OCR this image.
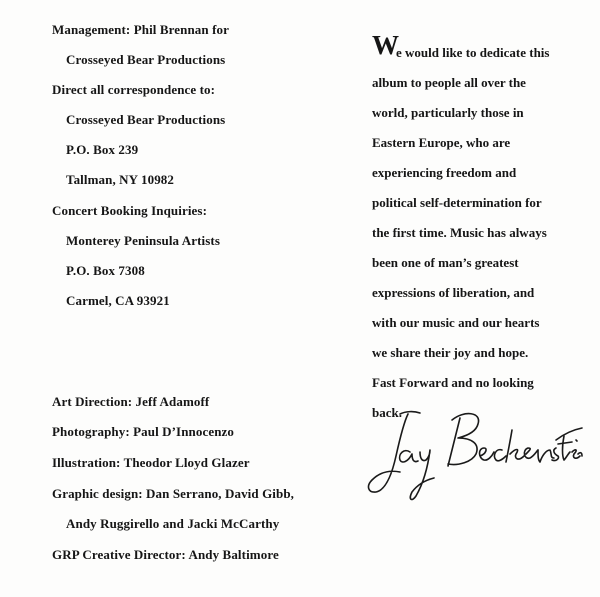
Management: Phil Brennan for
Crosseyed Bear Productions
Direct all correspondence to:
Crosseyed Bear Productions
P.O. Box 239
Tallman, NY 10982
Concert Booking Inquiries:
Monterey Peninsula Artists
P.O. Box 7308
Carmel, CA 93921
Art Direction: Jeff Adamoff
Photography: Paul D’Innocenzo
Illustration: Theodor Lloyd Glazer
Graphic design: Dan Serrano, David Gibb,
Andy Ruggirello and Jacki McCarthy
GRP Creative Director: Andy Baltimore
W
e would like to dedicate this
album to people all over the
world, particularly those in
Eastern Europe, who are
experiencing freedom and
political self-determination for
the first time. Music has always
been one of man’s greatest
expressions of liberation, and
with our music and our hearts
we share their joy and hope.
Fast Forward and no looking
back.
